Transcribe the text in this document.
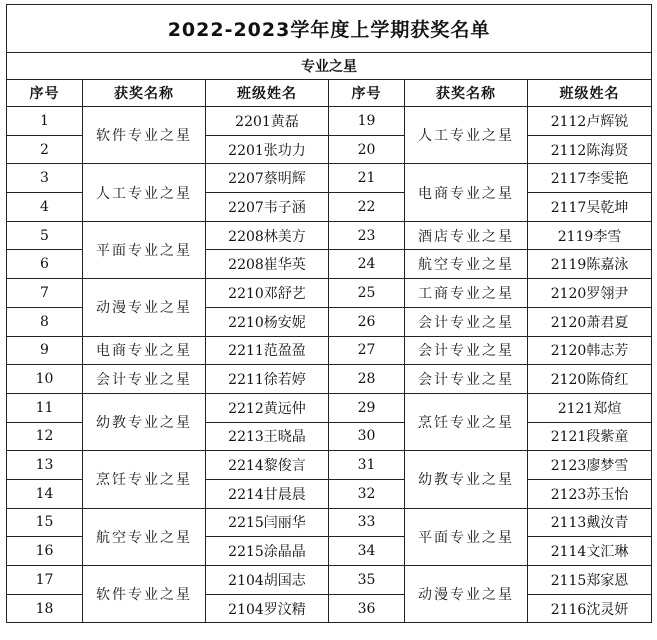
2022-2023学年度上学期获奖名单					
专业之星					
序号	获奖名称	班级姓名	序号	获奖名称	班级姓名
1	软件专业之星	2201黄磊	19	人工专业之星	2112卢辉锐
2		2201张功力	20		2112陈海贤
3	人工专业之星	2207蔡明辉	21	电商专业之星	2117李雯艳
4		2207韦子涵	22		2117吴乾坤
5	平面专业之星	2208林美方	23	酒店专业之星	2119李雪
6		2208崔华英	24	航空专业之星	2119陈嘉泳
7	动漫专业之星	2210邓舒艺	25	工商专业之星	2120罗翎尹
8		2210杨安妮	26	会计专业之星	2120萧君夏
9	电商专业之星	2211范盈盈	27	会计专业之星	2120韩志芳
10	会计专业之星	2211徐若婷	28	会计专业之星	2120陈倚红
11	幼教专业之星	2212黄远仲	29	烹饪专业之星	2121郑煊
12		2213王晓晶	30		2121段紫童
13	烹饪专业之星	2214黎俊言	31	幼教专业之星	2123廖梦雪
14		2214甘晨晨	32		2123苏玉怡
15	航空专业之星	2215闫丽华	33	平面专业之星	2113戴汝青
16		2215涂晶晶	34		2114文汇琳
17	软件专业之星	2104胡国志	35	动漫专业之星	2115郑家恩
18		2104罗汶精	36		2116沈灵妍
